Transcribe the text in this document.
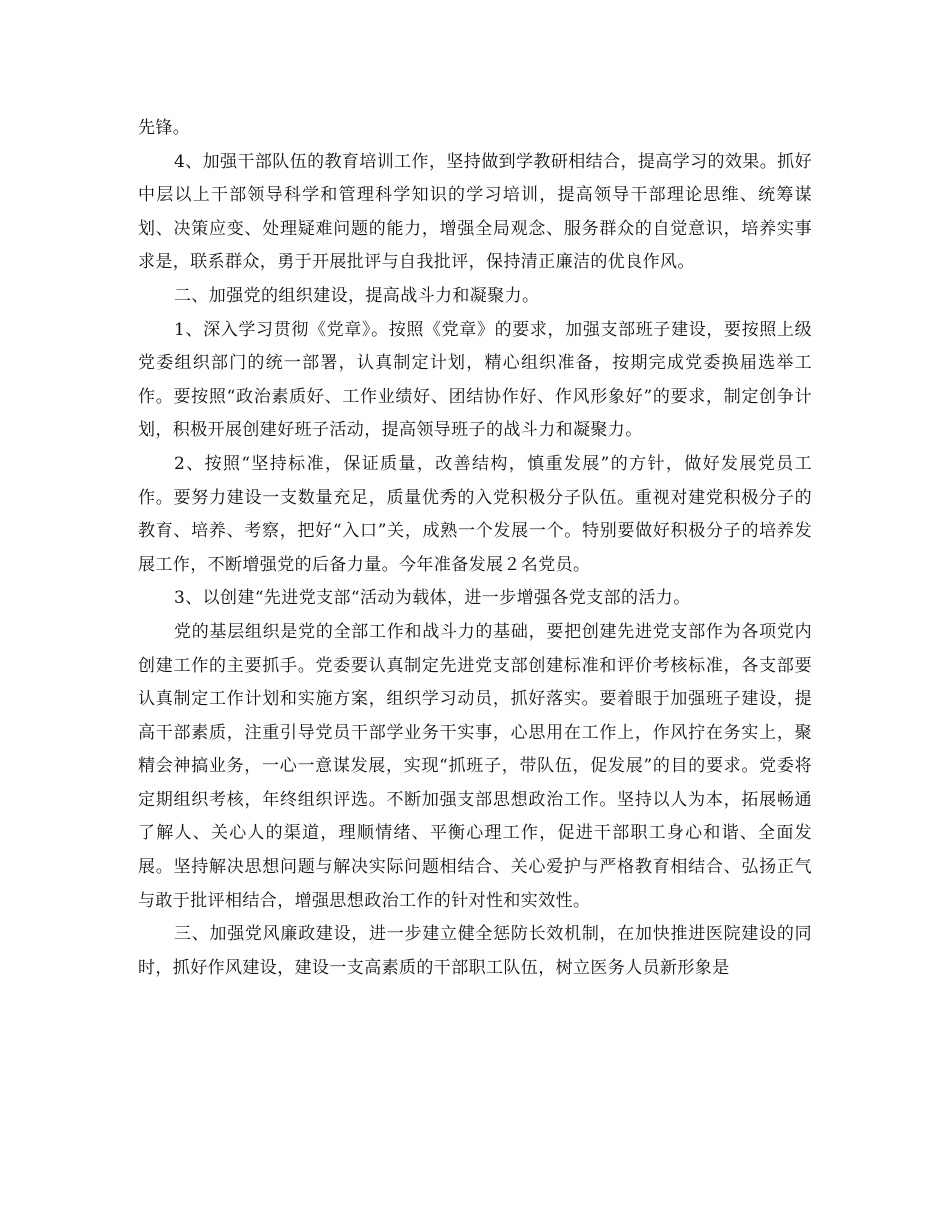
先锋。

4、加强干部队伍的教育培训工作，坚持做到学教研相结合，提高学习的效果。抓好中层以上干部领导科学和管理科学知识的学习培训，提高领导干部理论思维、统筹谋划、决策应变、处理疑难问题的能力，增强全局观念、服务群众的自觉意识，培养实事求是，联系群众，勇于开展批评与自我批评，保持清正廉洁的优良作风。

二、加强党的组织建设，提高战斗力和凝聚力。

1、深入学习贯彻《党章》。按照《党章》的要求，加强支部班子建设，要按照上级党委组织部门的统一部署，认真制定计划，精心组织准备，按期完成党委换届选举工作。要按照“政治素质好、工作业绩好、团结协作好、作风形象好”的要求，制定创争计划，积极开展创建好班子活动，提高领导班子的战斗力和凝聚力。

2、按照“坚持标准，保证质量，改善结构，慎重发展”的方针，做好发展党员工作。要努力建设一支数量充足，质量优秀的入党积极分子队伍。重视对建党积极分子的教育、培养、考察，把好“入口”关，成熟一个发展一个。特别要做好积极分子的培养发展工作，不断增强党的后备力量。今年准备发展２名党员。

3、以创建“先进党支部“活动为载体，进一步增强各党支部的活力。

党的基层组织是党的全部工作和战斗力的基础，要把创建先进党支部作为各项党内创建工作的主要抓手。党委要认真制定先进党支部创建标准和评价考核标准，各支部要认真制定工作计划和实施方案，组织学习动员，抓好落实。要着眼于加强班子建设，提高干部素质，注重引导党员干部学业务干实事，心思用在工作上，作风拧在务实上，聚精会神搞业务，一心一意谋发展，实现“抓班子，带队伍，促发展”的目的要求。党委将定期组织考核，年终组织评选。不断加强支部思想政治工作。坚持以人为本，拓展畅通了解人、关心人的渠道，理顺情绪、平衡心理工作，促进干部职工身心和谐、全面发展。坚持解决思想问题与解决实际问题相结合、关心爱护与严格教育相结合、弘扬正气与敢于批评相结合，增强思想政治工作的针对性和实效性。

三、加强党风廉政建设，进一步建立健全惩防长效机制，在加快推进医院建设的同时，抓好作风建设，建设一支高素质的干部职工队伍，树立医务人员新形象是
